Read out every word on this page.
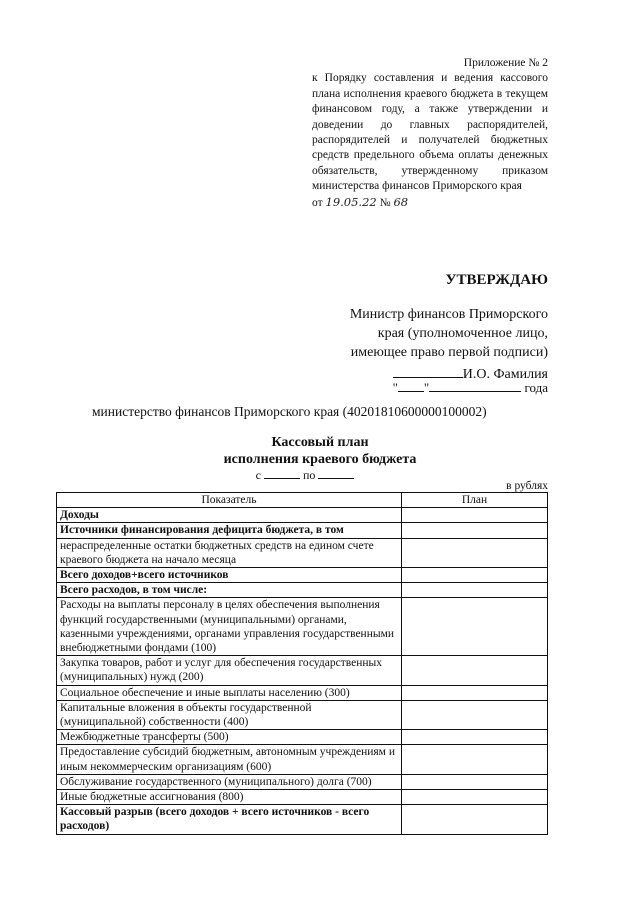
Приложение № 2
к Порядку составления и ведения кассового плана исполнения краевого бюджета в текущем финансовом году, а также утверждении и доведении до главных распорядителей, распорядителей и получателей бюджетных средств предельного объема оплаты денежных обязательств, утвержденному приказом министерства финансов Приморского края
от 19.05.22 № 68
УТВЕРЖДАЮ
Министр финансов Приморского
края (уполномоченное лицо,
имеющее право первой подписи)
И.О. Фамилия
" "	года
министерство финансов Приморского края (40201810600000100002)
Кассовый план
исполнения краевого бюджета
с	по
в рублях
Показатель	План
Доходы	
Источники финансирования дефицита бюджета, в том	
нераспределенные остатки бюджетных средств на едином счете краевого бюджета на начало месяца	
Всего доходов+всего источников	
Всего расходов, в том числе:	
Расходы на выплаты персоналу в целях обеспечения выполнения функций государственными (муниципальными) органами, казенными учреждениями, органами управления государственными внебюджетными фондами (100)	
Закупка товаров, работ и услуг для обеспечения государственных (муниципальных) нужд (200)	
Социальное обеспечение и иные выплаты населению (300)	
Капитальные вложения в объекты государственной (муниципальной) собственности (400)	
Межбюджетные трансферты (500)	
Предоставление субсидий бюджетным, автономным учреждениям и иным некоммерческим организациям (600)	
Обслуживание государственного (муниципального) долга (700)	
Иные бюджетные ассигнования (800)	
Кассовый разрыв (всего доходов + всего источников - всего расходов)	
